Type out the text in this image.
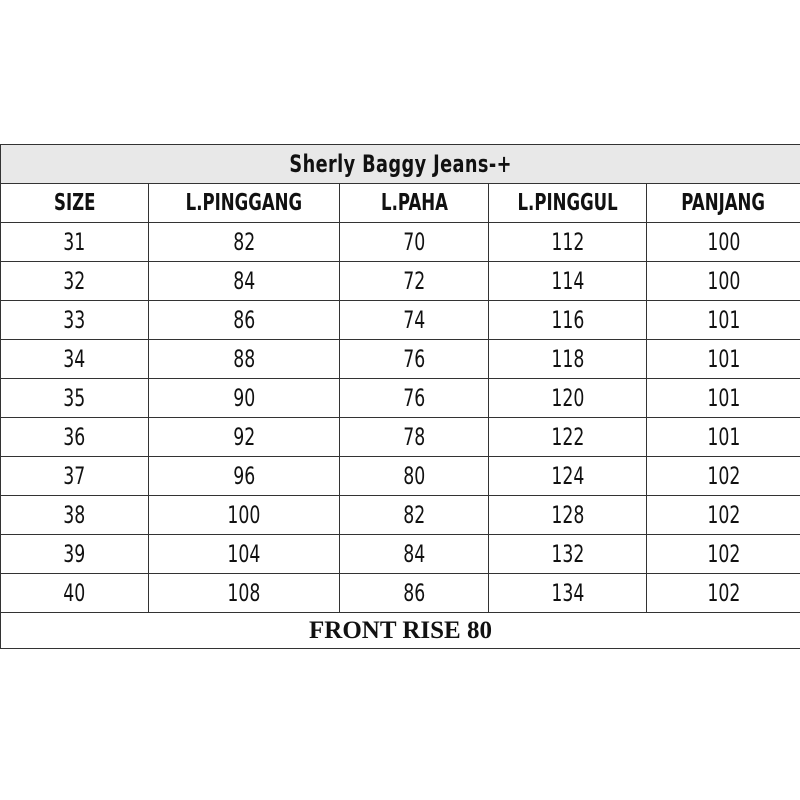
Sherly Baggy Jeans-+				
SIZE	L.PINGGANG	L.PAHA	L.PINGGUL	PANJANG
31	82	70	112	100
32	84	72	114	100
33	86	74	116	101
34	88	76	118	101
35	90	76	120	101
36	92	78	122	101
37	96	80	124	102
38	100	82	128	102
39	104	84	132	102
40	108	86	134	102
FRONT RISE 80				
